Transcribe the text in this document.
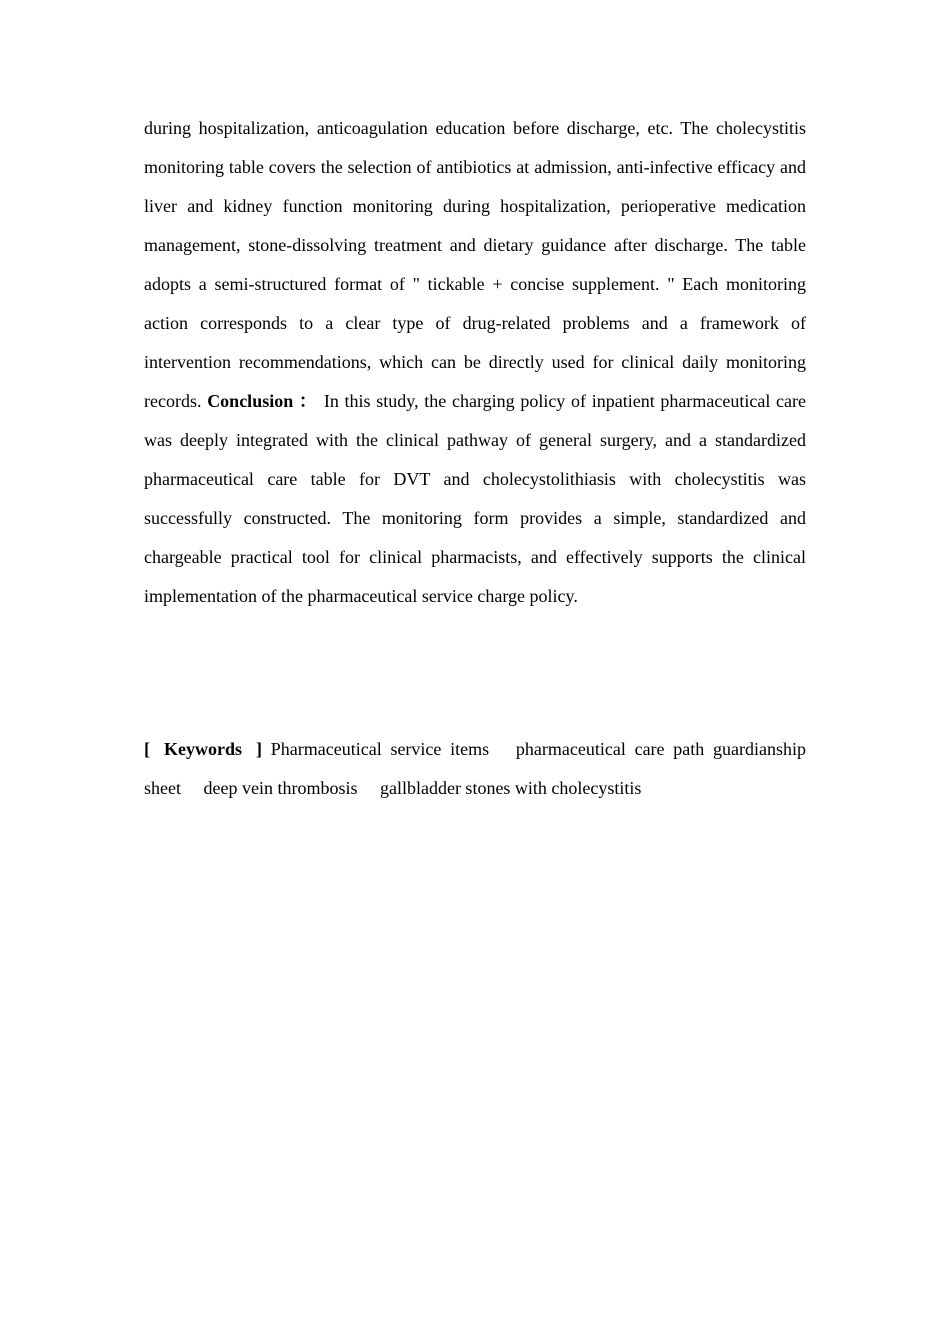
during hospitalization, anticoagulation education before discharge, etc. The cholecystitis monitoring table covers the selection of antibiotics at admission, anti-infective efficacy and liver and kidney function monitoring during hospitalization, perioperative medication management, stone-dissolving treatment and dietary guidance after discharge. The table adopts a semi-structured format of " tickable + concise supplement. " Each monitoring action corresponds to a clear type of drug-related problems and a framework of intervention recommendations, which can be directly used for clinical daily monitoring records. Conclusion ： In this study, the charging policy of inpatient pharmaceutical care was deeply integrated with the clinical pathway of general surgery, and a standardized pharmaceutical care table for DVT and cholecystolithiasis with cholecystitis was successfully constructed. The monitoring form provides a simple, standardized and chargeable practical tool for clinical pharmacists, and effectively supports the clinical implementation of the pharmaceutical service charge policy.

[ Keywords ] Pharmaceutical service items pharmaceutical care path guardianship sheet deep vein thrombosis gallbladder stones with cholecystitis
